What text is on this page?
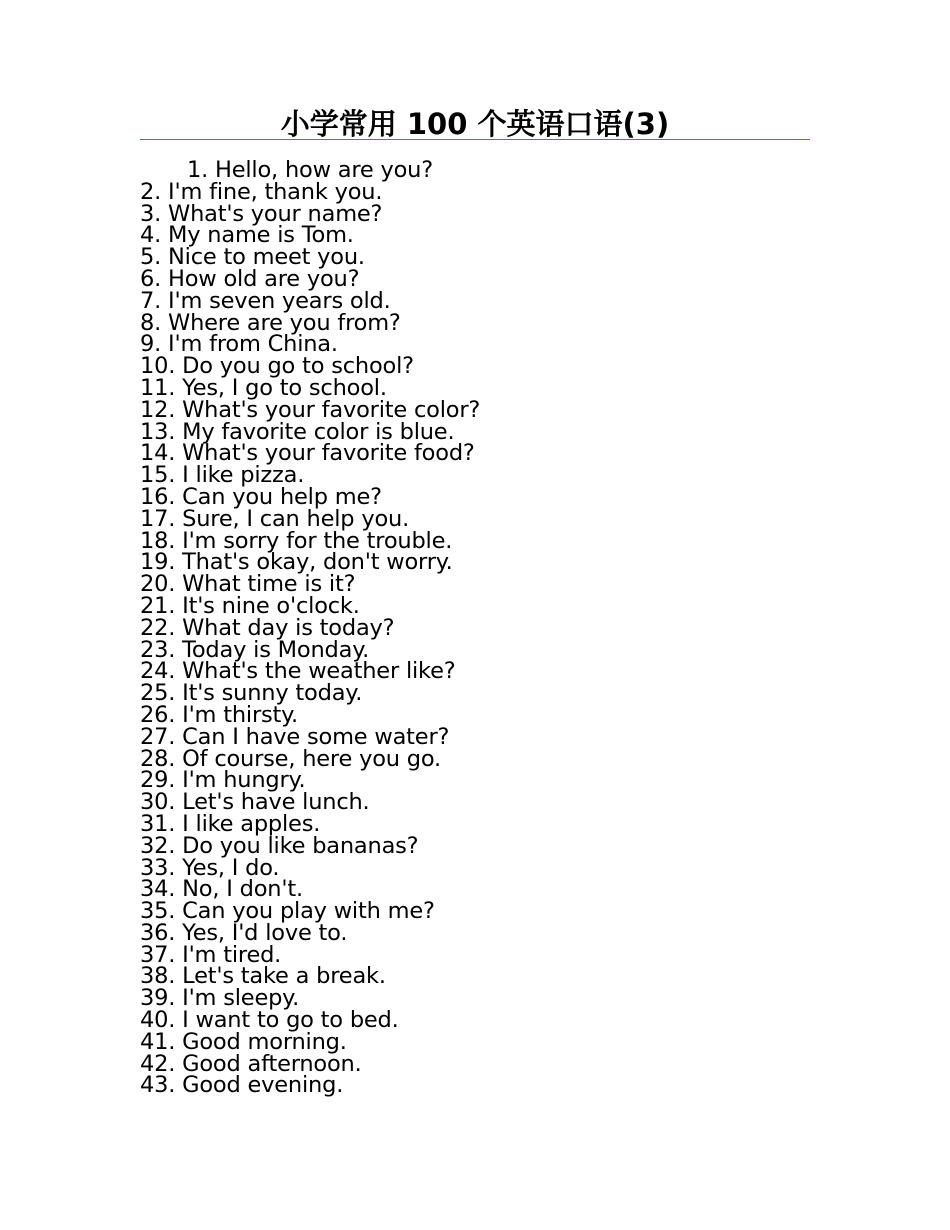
小学常用 100 个英语口语(3)
1. Hello, how are you?
2. I'm fine, thank you.
3. What's your name?
4. My name is Tom.
5. Nice to meet you.
6. How old are you?
7. I'm seven years old.
8. Where are you from?
9. I'm from China.
10. Do you go to school?
11. Yes, I go to school.
12. What's your favorite color?
13. My favorite color is blue.
14. What's your favorite food?
15. I like pizza.
16. Can you help me?
17. Sure, I can help you.
18. I'm sorry for the trouble.
19. That's okay, don't worry.
20. What time is it?
21. It's nine o'clock.
22. What day is today?
23. Today is Monday.
24. What's the weather like?
25. It's sunny today.
26. I'm thirsty.
27. Can I have some water?
28. Of course, here you go.
29. I'm hungry.
30. Let's have lunch.
31. I like apples.
32. Do you like bananas?
33. Yes, I do.
34. No, I don't.
35. Can you play with me?
36. Yes, I'd love to.
37. I'm tired.
38. Let's take a break.
39. I'm sleepy.
40. I want to go to bed.
41. Good morning.
42. Good afternoon.
43. Good evening.
